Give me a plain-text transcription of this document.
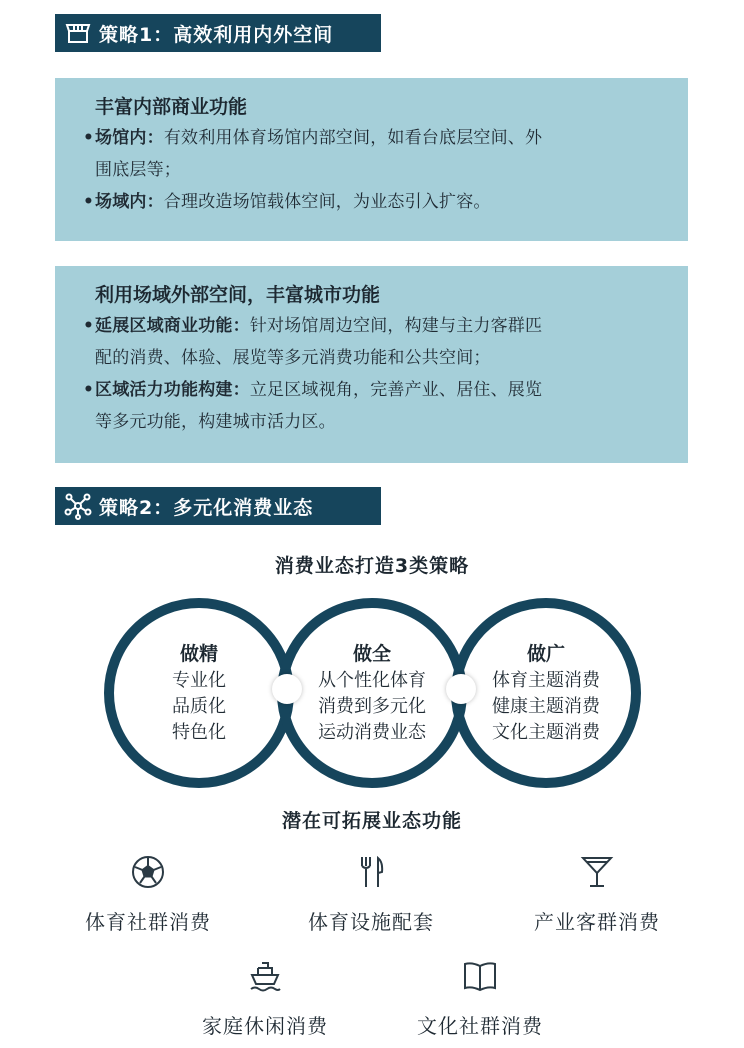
策略1：高效利用内外空间
丰富内部商业功能
• 场馆内：有效利用体育场馆内部空间，如看台底层空间、外
围底层等；
• 场域内：合理改造场馆载体空间，为业态引入扩容。
利用场域外部空间，丰富城市功能
• 延展区域商业功能：针对场馆周边空间，构建与主力客群匹
配的消费、体验、展览等多元消费功能和公共空间；
• 区域活力功能构建：立足区域视角，完善产业、居住、展览
等多元功能，构建城市活力区。
策略2：多元化消费业态
消费业态打造3类策略
做精
专业化
品质化
特色化
做全
从个性化体育
消费到多元化
运动消费业态
做广
体育主题消费
健康主题消费
文化主题消费
潜在可拓展业态功能
体育社群消费	体育设施配套	产业客群消费
家庭休闲消费	文化社群消费
